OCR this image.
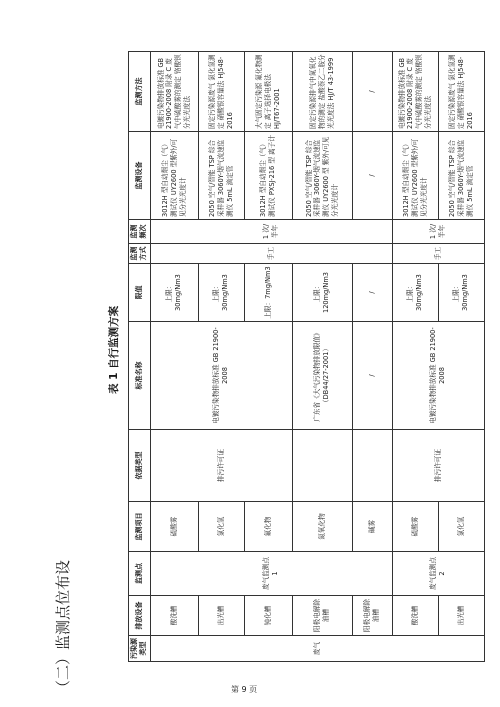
（二）监测点位布设
表 1 自行监测方案
污染源类型	排放设备	监测点	监测项目	依据类型	标准名称	限值	监测方式	监测频次	监测设备	监测方法
废气	酸洗槽	废气监测点 1	硫酸雾	排污许可证	电镀污染物排放标准 GB 21900-2008	上限：30mg/Nm3	手工	1 次/半年	3012H 型自动烟尘（气）测试仪 UY2600 型紫外/可见分光光度计	电镀污染物排放标准 GB 21900-2008 附录 C 废气中硫酸雾的测定 铬酸钡分光光度法
	出光槽		氯化氢			上限：30mg/Nm3			2050 空气/智能 TSP 综合采样器 3060Y-烟气流速监测仪 5mL 滴定管	固定污染源废气 氯化氢测定 硝酸银容量法 HJ548-2016
	钝化槽		氟化物			上限：7mg/Nm3			3012H 型自动烟尘（气）测试仪 PXSJ-216 型 离子计	大气固定污染源 氟化物测定 离子选择电极法 HJ/T67-2001
	阳极电解除油槽		氮氧化物		广东省《大气污染物排放限值》（DB44/27-2001）	上限：120mg/Nm3			2050 空气/智能 TSP 综合采样器 3060Y-烟气流速监测仪 UY2600 型 紫外/可见分光光度计	固定污染源排气中氮氧化物的测定 盐酸萘乙二胺分光光度法 HJ/T 43-1999
	阳极电解除油槽		碱雾		/	/			/	/
	酸洗槽	废气监测点 2	硫酸雾	排污许可证	电镀污染物排放标准 GB 21900-2008	上限：30mg/Nm3	手工	1 次/半年	3012H 型自动烟尘（气）测试仪 UY2600 型紫外/可见分光光度计	电镀污染物排放标准 GB 21900-2008 附录 C 废气中硫酸雾的测定 铬酸钡分光光度法
	出光槽		氯化氢			上限：30mg/Nm3			2050 空气/智能 TSP 综合采样器 3060Y-烟气流速监测仪 5mL 滴定管	固定污染源废气 氯化氢测定 硝酸银容量法 HJ548-2016
第 9 页
